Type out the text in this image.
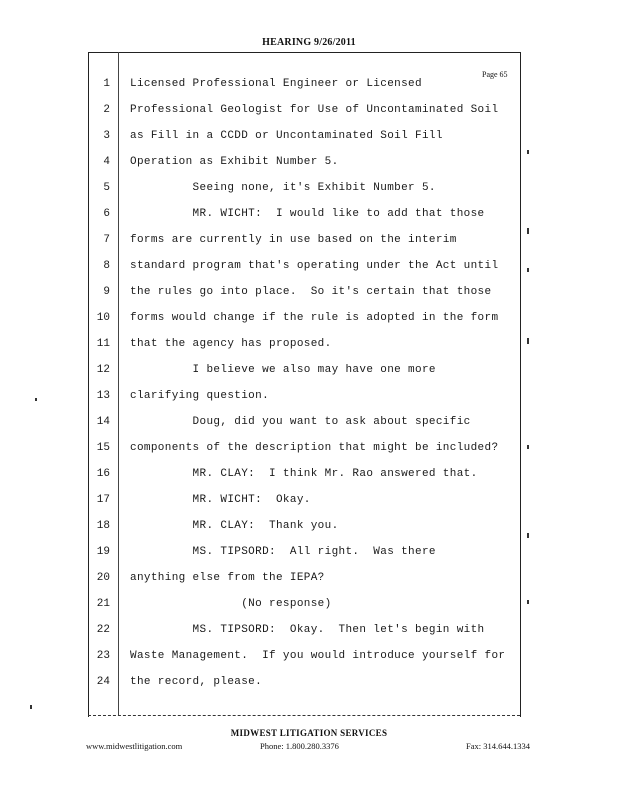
HEARING 9/26/2011
Page 65
1 Licensed Professional Engineer or Licensed
2 Professional Geologist for Use of Uncontaminated Soil
3 as Fill in a CCDD or Uncontaminated Soil Fill
4 Operation as Exhibit Number 5.
5 Seeing none, it's Exhibit Number 5.
6 MR. WICHT:  I would like to add that those
7 forms are currently in use based on the interim
8 standard program that's operating under the Act until
9 the rules go into place.  So it's certain that those
10 forms would change if the rule is adopted in the form
11 that the agency has proposed.
12 I believe we also may have one more
13 clarifying question.
14 Doug, did you want to ask about specific
15 components of the description that might be included?
16 MR. CLAY:  I think Mr. Rao answered that.
17 MR. WICHT:  Okay.
18 MR. CLAY:  Thank you.
19 MS. TIPSORD:  All right.  Was there
20 anything else from the IEPA?
21 (No response)
22 MS. TIPSORD:  Okay.  Then let's begin with
23 Waste Management.  If you would introduce yourself for
24 the record, please.
MIDWEST LITIGATION SERVICES
www.midwestlitigation.com	Phone: 1.800.280.3376	Fax: 314.644.1334
